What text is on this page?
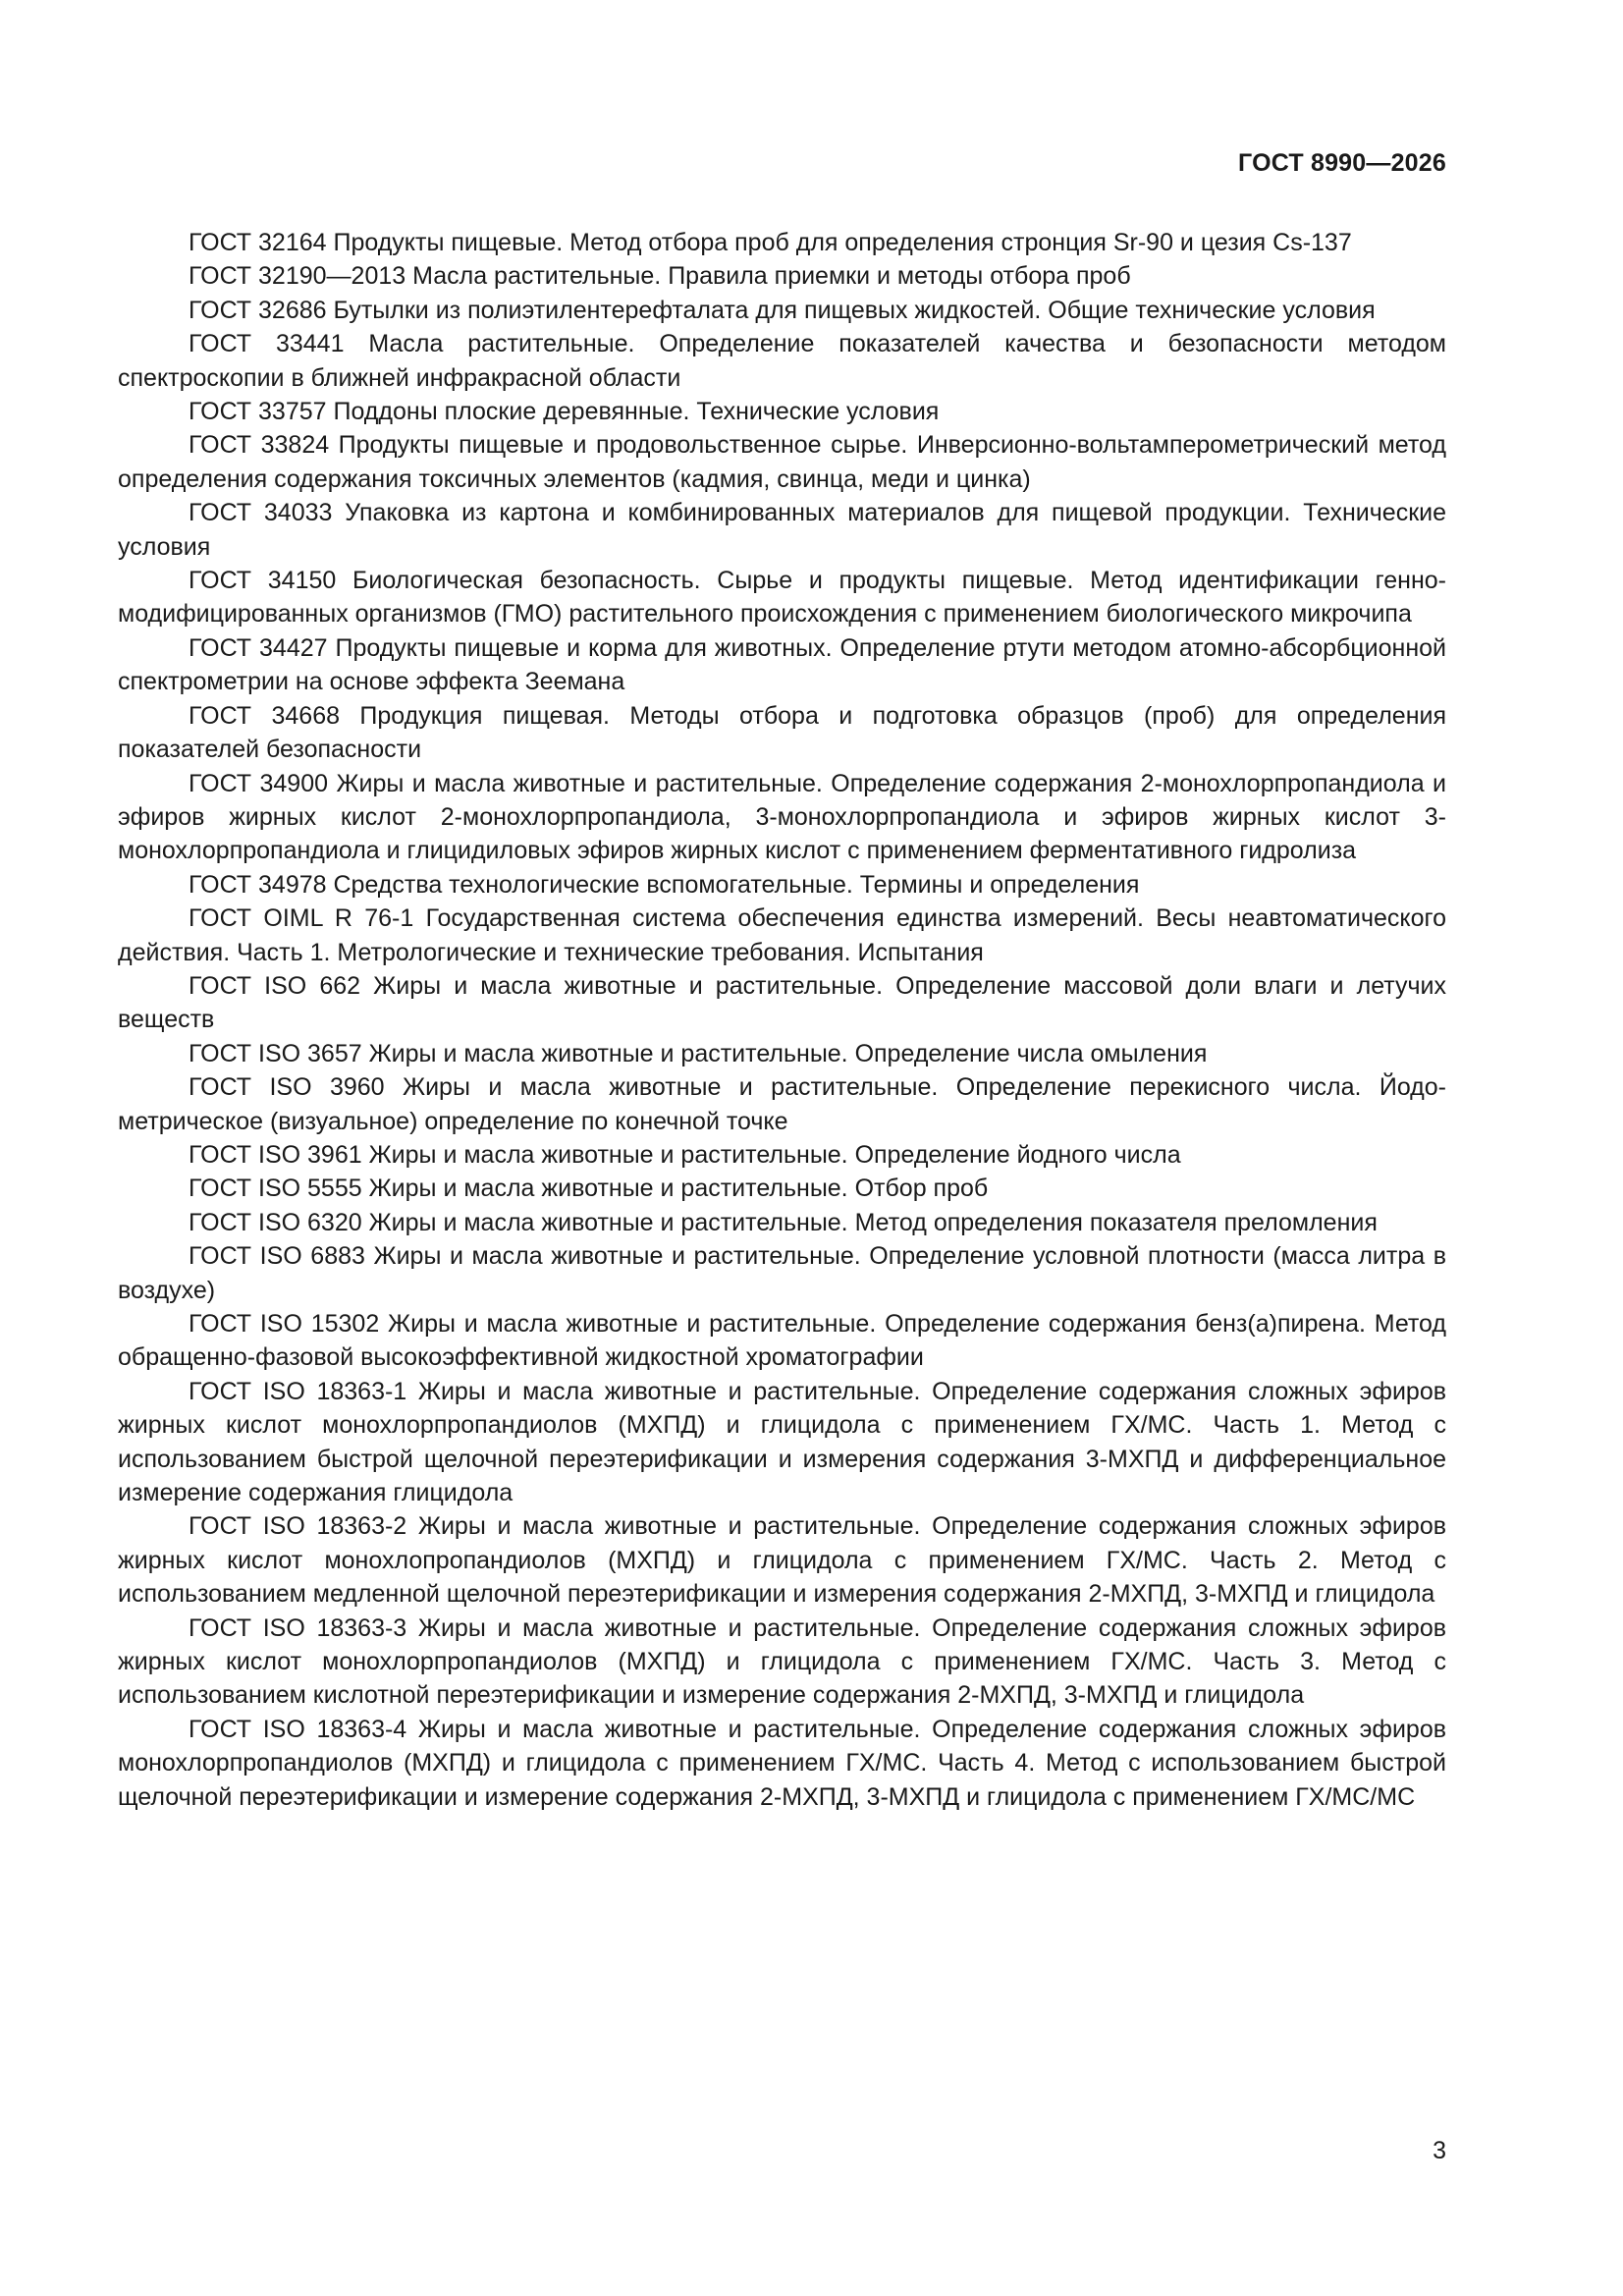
ГОСТ 8990—2026

ГОСТ 32164 Продукты пищевые. Метод отбора проб для определения стронция Sr-90 и цезия Cs-137

ГОСТ 32190—2013 Масла растительные. Правила приемки и методы отбора проб

ГОСТ 32686 Бутылки из полиэтилентерефталата для пищевых жидкостей. Общие технические условия

ГОСТ 33441 Масла растительные. Определение показателей качества и безопасности методом спектроскопии в ближней инфракрасной области

ГОСТ 33757 Поддоны плоские деревянные. Технические условия

ГОСТ 33824 Продукты пищевые и продовольственное сырье. Инверсионно-вольтамперометрический метод определения содержания токсичных элементов (кадмия, свинца, меди и цинка)

ГОСТ 34033 Упаковка из картона и комбинированных материалов для пищевой продукции. Технические условия

ГОСТ 34150 Биологическая безопасность. Сырье и продукты пищевые. Метод идентификации генно-модифицированных организмов (ГМО) растительного происхождения с применением биологического микрочипа

ГОСТ 34427 Продукты пищевые и корма для животных. Определение ртути методом атомно-абсорбционной спектрометрии на основе эффекта Зеемана

ГОСТ 34668 Продукция пищевая. Методы отбора и подготовка образцов (проб) для определения показателей безопасности

ГОСТ 34900 Жиры и масла животные и растительные. Определение содержания 2-монохлорпропандиола и эфиров жирных кислот 2-монохлорпропандиола, 3-монохлорпропандиола и эфиров жирных кислот 3-монохлорпропандиола и глицидиловых эфиров жирных кислот с применением ферментативного гидролиза

ГОСТ 34978 Средства технологические вспомогательные. Термины и определения

ГОСТ OIML R 76-1 Государственная система обеспечения единства измерений. Весы неавтоматического действия. Часть 1. Метрологические и технические требования. Испытания

ГОСТ ISO 662 Жиры и масла животные и растительные. Определение массовой доли влаги и летучих веществ

ГОСТ ISO 3657 Жиры и масла животные и растительные. Определение числа омыления

ГОСТ ISO 3960 Жиры и масла животные и растительные. Определение перекисного числа. Йодометрическое (визуальное) определение по конечной точке

ГОСТ ISO 3961 Жиры и масла животные и растительные. Определение йодного числа

ГОСТ ISO 5555 Жиры и масла животные и растительные. Отбор проб

ГОСТ ISO 6320 Жиры и масла животные и растительные. Метод определения показателя преломления

ГОСТ ISO 6883 Жиры и масла животные и растительные. Определение условной плотности (масса литра в воздухе)

ГОСТ ISO 15302 Жиры и масла животные и растительные. Определение содержания бенз(а)пирена. Метод обращенно-фазовой высокоэффективной жидкостной хроматографии

ГОСТ ISO 18363-1 Жиры и масла животные и растительные. Определение содержания сложных эфиров жирных кислот монохлорпропандиолов (МХПД) и глицидола с применением ГХ/МС. Часть 1. Метод с использованием быстрой щелочной переэтерификации и измерения содержания 3-МХПД и дифференциальное измерение содержания глицидола

ГОСТ ISO 18363-2 Жиры и масла животные и растительные. Определение содержания сложных эфиров жирных кислот монохлопропандиолов (МХПД) и глицидола с применением ГХ/МС. Часть 2. Метод с использованием медленной щелочной переэтерификации и измерения содержания 2-МХПД, 3-МХПД и глицидола

ГОСТ ISO 18363-3 Жиры и масла животные и растительные. Определение содержания сложных эфиров жирных кислот монохлорпропандиолов (МХПД) и глицидола с применением ГХ/МС. Часть 3. Метод с использованием кислотной переэтерификации и измерение содержания 2-МХПД, 3-МХПД и глицидола

ГОСТ ISO 18363-4 Жиры и масла животные и растительные. Определение содержания сложных эфиров монохлорпропандиолов (МХПД) и глицидола с применением ГХ/МС. Часть 4. Метод с использованием быстрой щелочной переэтерификации и измерение содержания 2-МХПД, 3-МХПД и глицидола с применением ГХ/МС/МС

3
